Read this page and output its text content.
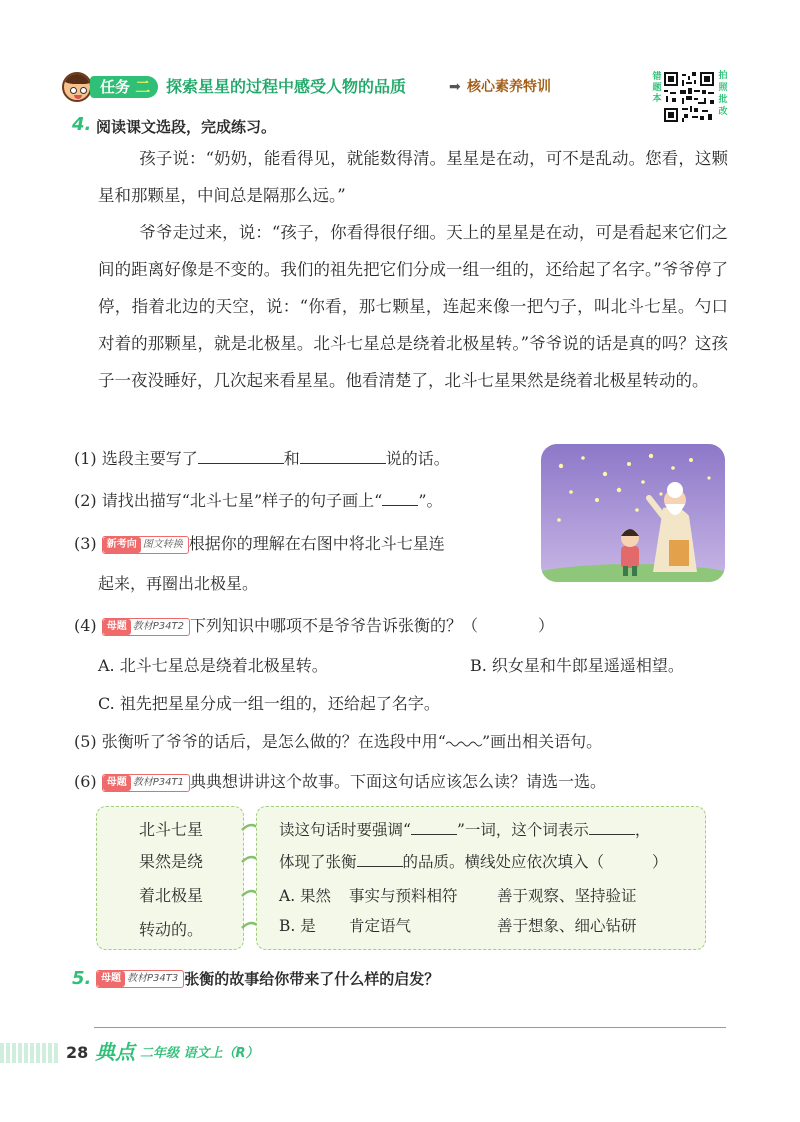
任务 二 探索星星的过程中感受人物的品质	➡ 核心素养特训
错题本
拍照批改
4. 阅读课文选段，完成练习。

孩子说：“奶奶，能看得见，就能数得清。星星是在动，可不是乱动。您看，这颗星和那颗星，中间总是隔那么远。”

爷爷走过来，说：“孩子，你看得很仔细。天上的星星是在动，可是看起来它们之间的距离好像是不变的。我们的祖先把它们分成一组一组的，还给起了名字。”爷爷停了停，指着北边的天空，说：“你看，那七颗星，连起来像一把勺子，叫北斗七星。勺口对着的那颗星，就是北极星。北斗七星总是绕着北极星转。”爷爷说的话是真的吗？这孩子一夜没睡好，几次起来看星星。他看清楚了，北斗七星果然是绕着北极星转动的。

(1) 选段主要写了	和	说的话。
(2) 请找出描写“北斗七星”样子的句子画上“ ”。
(3) 新考向 图文转换 根据你的理解在右图中将北斗七星连
起来，再圈出北极星。
(4) 母题 教材P34T2 下列知识中哪项不是爷爷告诉张衡的？（	）
A. 北斗七星总是绕着北极星转。	B. 织女星和牛郎星遥遥相望。
C. 祖先把星星分成一组一组的，还给起了名字。
(5) 张衡听了爷爷的话后，是怎么做的？在选段中用“ ”画出相关语句。
(6) 母题 教材P34T1 典典想讲讲这个故事。下面这句话应该怎么读？请选一选。
北斗七星
果然是绕
着北极星
转动的。
读这句话时要强调“	”一词，这个词表示	，
体现了张衡	的品质。横线处应依次填入（	）
A. 果然 事实与预料相符	善于观察、坚持验证
B. 是 肯定语气	善于想象、细心钻研
5. 母题 教材P34T3 张衡的故事给你带来了什么样的启发？
28 典点 二年级 语文上（R）
